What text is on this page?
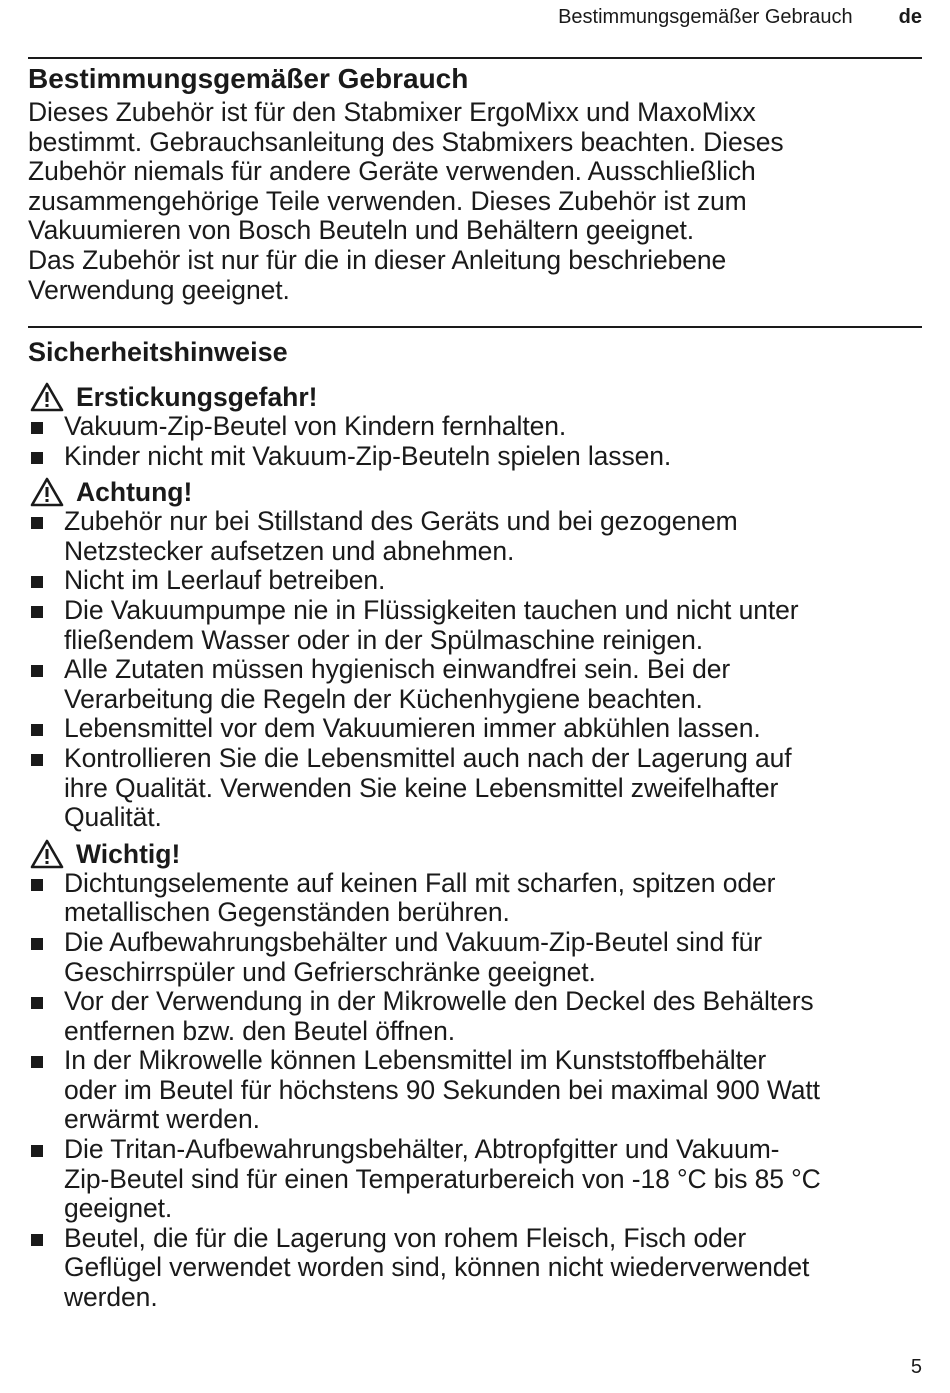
Bestimmungsgemäßer Gebrauch de
Bestimmungsgemäßer Gebrauch

Dieses Zubehör ist für den Stabmixer ErgoMixx und MaxoMixx

bestimmt. Gebrauchsanleitung des Stabmixers beachten. Dieses

Zubehör niemals für andere Geräte verwenden. Ausschließlich

zusammengehörige Teile verwenden. Dieses Zubehör ist zum

Vakuumieren von Bosch Beuteln und Behältern geeignet.

Das Zubehör ist nur für die in dieser Anleitung beschriebene

Verwendung geeignet.

Sicherheitshinweise

Erstickungsgefahr!

Vakuum-Zip-Beutel von Kindern fernhalten.
Kinder nicht mit Vakuum-Zip-Beuteln spielen lassen.

Achtung!

Zubehör nur bei Stillstand des Geräts und bei gezogenem
Netzstecker aufsetzen und abnehmen.
Nicht im Leerlauf betreiben.
Die Vakuumpumpe nie in Flüssigkeiten tauchen und nicht unter
fließendem Wasser oder in der Spülmaschine reinigen.
Alle Zutaten müssen hygienisch einwandfrei sein. Bei der
Verarbeitung die Regeln der Küchenhygiene beachten.
Lebensmittel vor dem Vakuumieren immer abkühlen lassen.
Kontrollieren Sie die Lebensmittel auch nach der Lagerung auf
ihre Qualität. Verwenden Sie keine Lebensmittel zweifelhafter
Qualität.

Wichtig!

Dichtungselemente auf keinen Fall mit scharfen, spitzen oder
metallischen Gegenständen berühren.
Die Aufbewahrungsbehälter und Vakuum-Zip-Beutel sind für
Geschirrspüler und Gefrierschränke geeignet.
Vor der Verwendung in der Mikrowelle den Deckel des Behälters
entfernen bzw. den Beutel öffnen.
In der Mikrowelle können Lebensmittel im Kunststoffbehälter
oder im Beutel für höchstens 90 Sekunden bei maximal 900 Watt
erwärmt werden.
Die Tritan-Aufbewahrungsbehälter, Abtropfgitter und Vakuum-
Zip-Beutel sind für einen Temperaturbereich von -18 °C bis 85 °C
geeignet.
Beutel, die für die Lagerung von rohem Fleisch, Fisch oder
Geflügel verwendet worden sind, können nicht wiederverwendet
werden.
5
